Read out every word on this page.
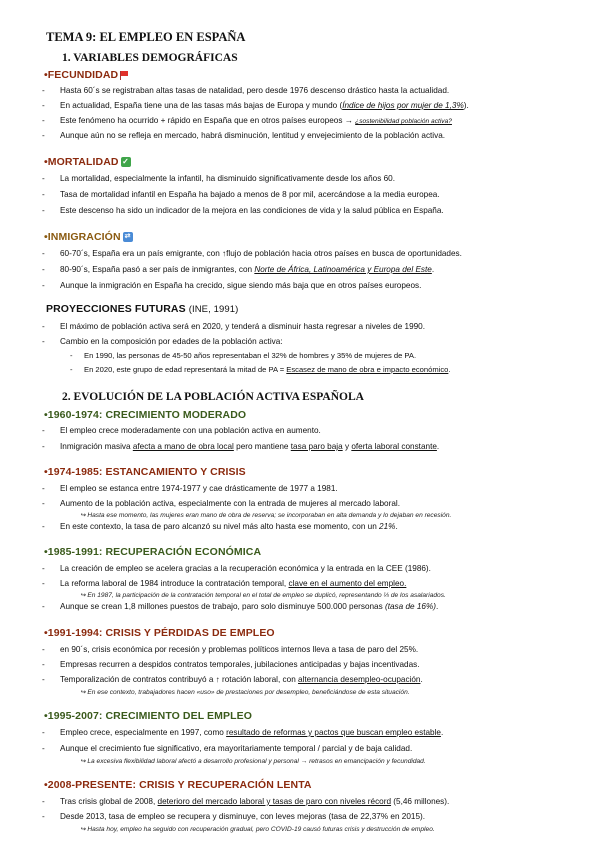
TEMA 9: EL EMPLEO EN ESPAÑA
1. VARIABLES DEMOGRÁFICAS
•FECUNDIDAD
- Hasta 60´s se registraban altas tasas de natalidad, pero desde 1976 descenso drástico hasta la actualidad.
- En actualidad, España tiene una de las tasas más bajas de Europa y mundo (Índice de hijos por mujer de 1,3%).
- Este fenómeno ha ocurrido + rápido en España que en otros países europeos → ¿sostenibilidad población activa?
- Aunque aún no se refleja en mercado, habrá disminución, lentitud y envejecimiento de la población activa.
•MORTALIDAD ✓
- La mortalidad, especialmente la infantil, ha disminuido significativamente desde los años 60.
- Tasa de mortalidad infantil en España ha bajado a menos de 8 por mil, acercándose a la media europea.
- Este descenso ha sido un indicador de la mejora en las condiciones de vida y la salud pública en España.
•INMIGRACIÓN ⇄
- 60-70´s, España era un país emigrante, con ↑flujo de población hacia otros países en busca de oportunidades.
- 80-90´s, España pasó a ser país de inmigrantes, con Norte de África, Latinoamérica y Europa del Este.
- Aunque la inmigración en España ha crecido, sigue siendo más baja que en otros países europeos.
PROYECCIONES FUTURAS (INE, 1991)
- El máximo de población activa será en 2020, y tenderá a disminuir hasta regresar a niveles de 1990.
- Cambio en la composición por edades de la población activa:
- En 1990, las personas de 45-50 años representaban el 32% de hombres y 35% de mujeres de PA.
- En 2020, este grupo de edad representará la mitad de PA = Escasez de mano de obra e impacto económico.
2. EVOLUCIÓN DE LA POBLACIÓN ACTIVA ESPAÑOLA
•1960-1974: CRECIMIENTO MODERADO
- El empleo crece moderadamente con una población activa en aumento.
- Inmigración masiva afecta a mano de obra local pero mantiene tasa paro baja y oferta laboral constante.
•1974-1985: ESTANCAMIENTO Y CRISIS
- El empleo se estanca entre 1974-1977 y cae drásticamente de 1977 a 1981.
- Aumento de la población activa, especialmente con la entrada de mujeres al mercado laboral.
↪ Hasta ese momento, las mujeres eran mano de obra de reserva; se incorporaban en alta demanda y lo dejaban en recesión.
- En este contexto, la tasa de paro alcanzó su nivel más alto hasta ese momento, con un 21%.
•1985-1991: RECUPERACIÓN ECONÓMICA
- La creación de empleo se acelera gracias a la recuperación económica y la entrada en la CEE (1986).
- La reforma laboral de 1984 introduce la contratación temporal, clave en el aumento del empleo.
↪ En 1987, la participación de la contratación temporal en el total de empleo se duplicó, representando ⅓ de los asalariados.
- Aunque se crean 1,8 millones puestos de trabajo, paro solo disminuye 500.000 personas (tasa de 16%).
•1991-1994: CRISIS Y PÉRDIDAS DE EMPLEO
- en 90´s, crisis económica por recesión y problemas políticos internos lleva a tasa de paro del 25%.
- Empresas recurren a despidos contratos temporales, jubilaciones anticipadas y bajas incentivadas.
- Temporalización de contratos contribuyó a ↑ rotación laboral, con alternancia desempleo-ocupación.
↪ En ese contexto, trabajadores hacen «uso» de prestaciones por desempleo, beneficiándose de esta situación.
•1995-2007: CRECIMIENTO DEL EMPLEO
- Empleo crece, especialmente en 1997, como resultado de reformas y pactos que buscan empleo estable.
- Aunque el crecimiento fue significativo, era mayoritariamente temporal / parcial y de baja calidad.
↪ La excesiva flexibilidad laboral afectó a desarrollo profesional y personal → retrasos en emancipación y fecundidad.
•2008-PRESENTE: CRISIS Y RECUPERACIÓN LENTA
- Tras crisis global de 2008, deterioro del mercado laboral y tasas de paro con niveles récord (5,46 millones).
- Desde 2013, tasa de empleo se recupera y disminuye, con leves mejoras (tasa de 22,37% en 2015).
↪ Hasta hoy, empleo ha seguido con recuperación gradual, pero COVID-19 causó futuras crisis y destrucción de empleo.
